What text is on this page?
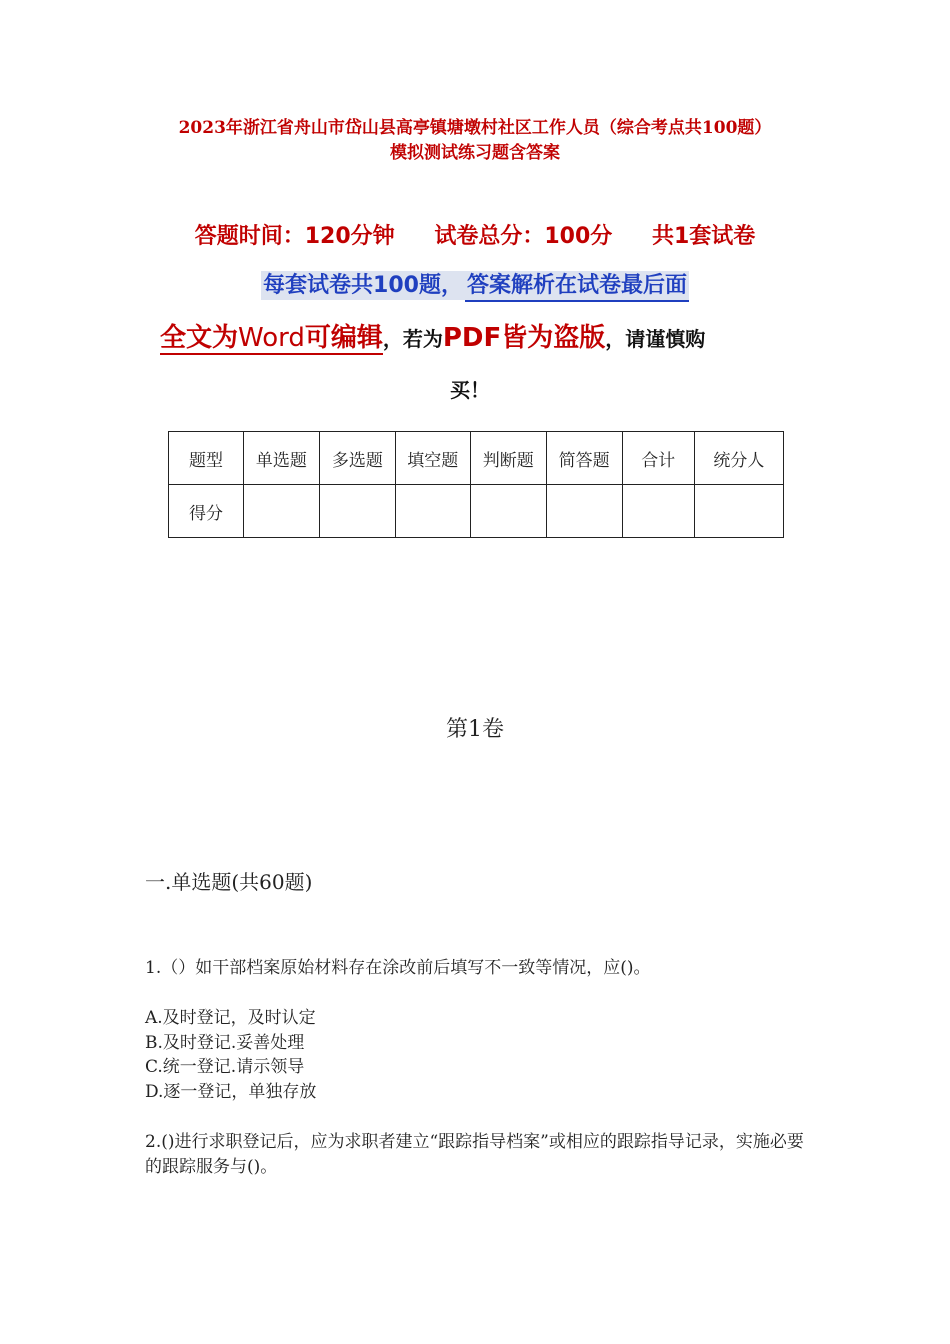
2023年浙江省舟山市岱山县高亭镇塘墩村社区工作人员（综合考点共100题）
模拟测试练习题含答案
答题时间：120分钟 试卷总分：100分 共1套试卷
每套试卷共100题， 答案解析在试卷最后面
全文为Word可编辑，若为PDF皆为盗版，请谨慎购
买！
题型	单选题	多选题	填空题	判断题	简答题	合计	统分人
得分							
第1卷
一.单选题(共60题)
1.（）如干部档案原始材料存在涂改前后填写不一致等情况，应()。
A.及时登记，及时认定
B.及时登记.妥善处理
C.统一登记.请示领导
D.逐一登记，单独存放
2.()进行求职登记后，应为求职者建立“跟踪指导档案”或相应的跟踪指导记录，实施必要的跟踪服务与()。
